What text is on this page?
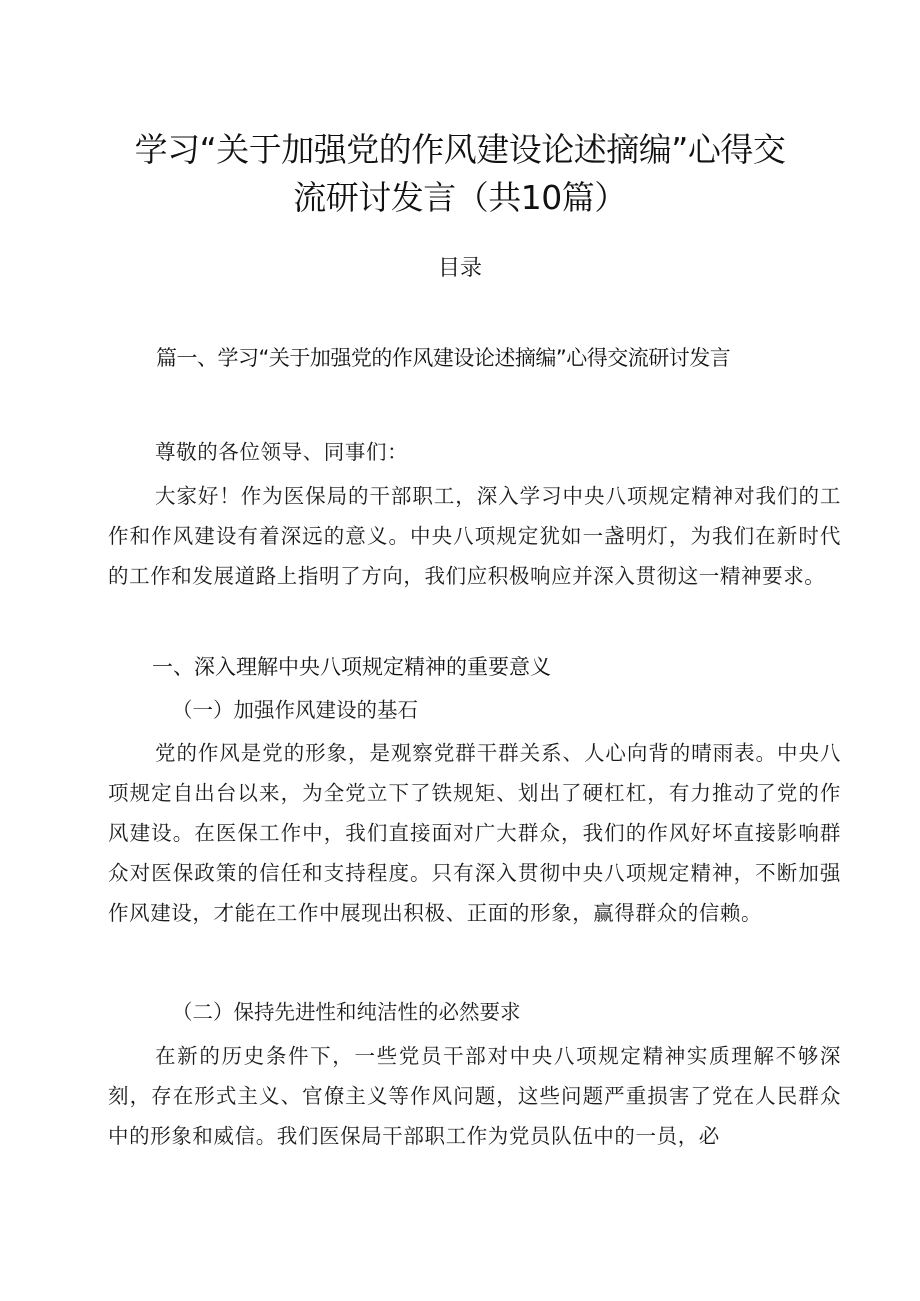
学习“关于加强党的作风建设论述摘编”心得交
流研讨发言（共10篇）
目录
篇一、学习“关于加强党的作风建设论述摘编”心得交流研讨发言

尊敬的各位领导、同事们：

大家好！作为医保局的干部职工，深入学习中央八项规定精神对我们的工作和作风建设有着深远的意义。中央八项规定犹如一盏明灯，为我们在新时代的工作和发展道路上指明了方向，我们应积极响应并深入贯彻这一精神要求。

一、深入理解中央八项规定精神的重要意义

（一）加强作风建设的基石

党的作风是党的形象，是观察党群干群关系、人心向背的晴雨表。中央八项规定自出台以来，为全党立下了铁规矩、划出了硬杠杠，有力推动了党的作风建设。在医保工作中，我们直接面对广大群众，我们的作风好坏直接影响群众对医保政策的信任和支持程度。只有深入贯彻中央八项规定精神，不断加强作风建设，才能在工作中展现出积极、正面的形象，赢得群众的信赖。

（二）保持先进性和纯洁性的必然要求

在新的历史条件下，一些党员干部对中央八项规定精神实质理解不够深刻，存在形式主义、官僚主义等作风问题，这些问题严重损害了党在人民群众中的形象和威信。我们医保局干部职工作为党员队伍中的一员，必
